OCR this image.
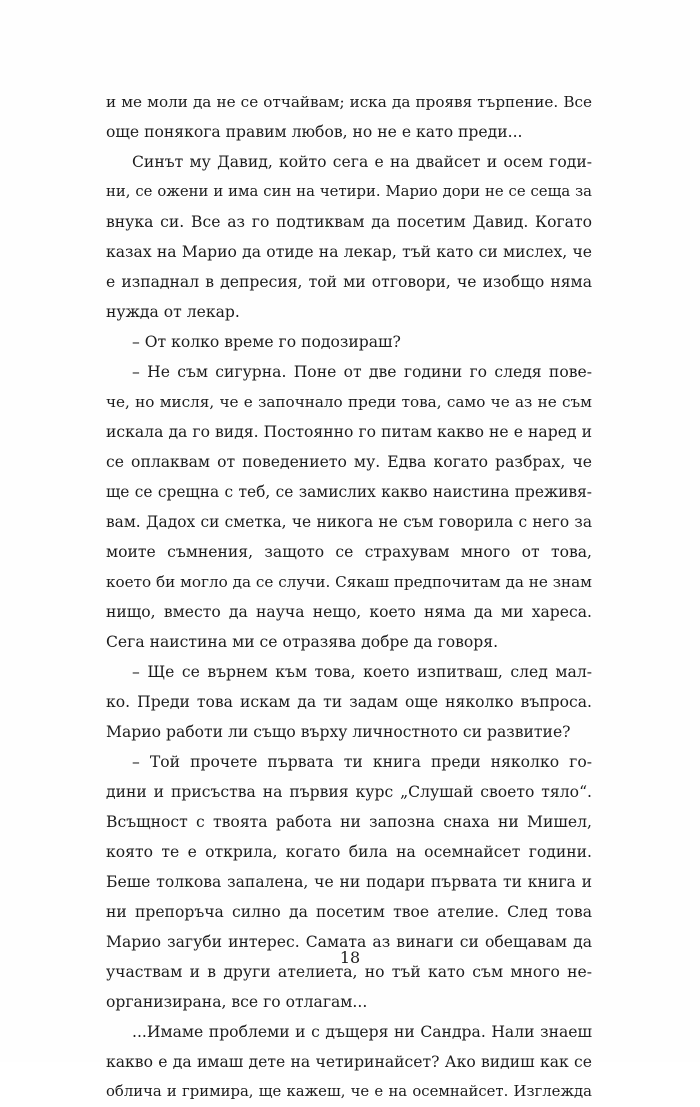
и ме моли да не се отчайвам; иска да проявя търпение. Все
още понякога правим любов, но не е като преди...
Синът му Давид, който сега е на двайсет и осем годи-
ни, се ожени и има син на четири. Марио дори не се сеща за
внука си. Все аз го подтиквам да посетим Давид. Когато
казах на Марио да отиде на лекар, тъй като си мислех, че
е изпаднал в депресия, той ми отговори, че изобщо няма
нужда от лекар.
– От колко време го подозираш?
– Не съм сигурна. Поне от две години го следя пове-
че, но мисля, че е започнало преди това, само че аз не съм
искала да го видя. Постоянно го питам какво не е наред и
се оплаквам от поведението му. Едва когато разбрах, че
ще се срещна с теб, се замислих какво наистина преживя-
вам. Дадох си сметка, че никога не съм говорила с него за
моите съмнения, защото се страхувам много от това,
което би могло да се случи. Сякаш предпочитам да не знам
нищо, вместо да науча нещо, което няма да ми харесa.
Сега наистина ми се отразява добре да говоря.
– Ще се върнем към това, което изпитваш, след мал-
ко. Преди това искам да ти задам още няколко въпроса.
Марио работи ли също върху личностното си развитие?
– Той прочете първата ти книга преди няколко го-
дини и присъства на първия курс „Слушай своето тяло“.
Всъщност с твоята работа ни запозна снаха ни Мишел,
която те е открила, когато била на осемнайсет години.
Беше толкова запалена, че ни подари първата ти книга и
ни препоръча силно да посетим твое ателие. След това
Марио загуби интерес. Самата аз винаги си обещавам да
участвам и в други ателиета, но тъй като съм много не-
организирана, все го отлагам...
...Имаме проблеми и с дъщеря ни Сандра. Нали знаеш
какво е да имаш дете на четиринайсет? Ако видиш как се
облича и гримира, ще кажеш, че е на осемнайсет. Изглежда
18
